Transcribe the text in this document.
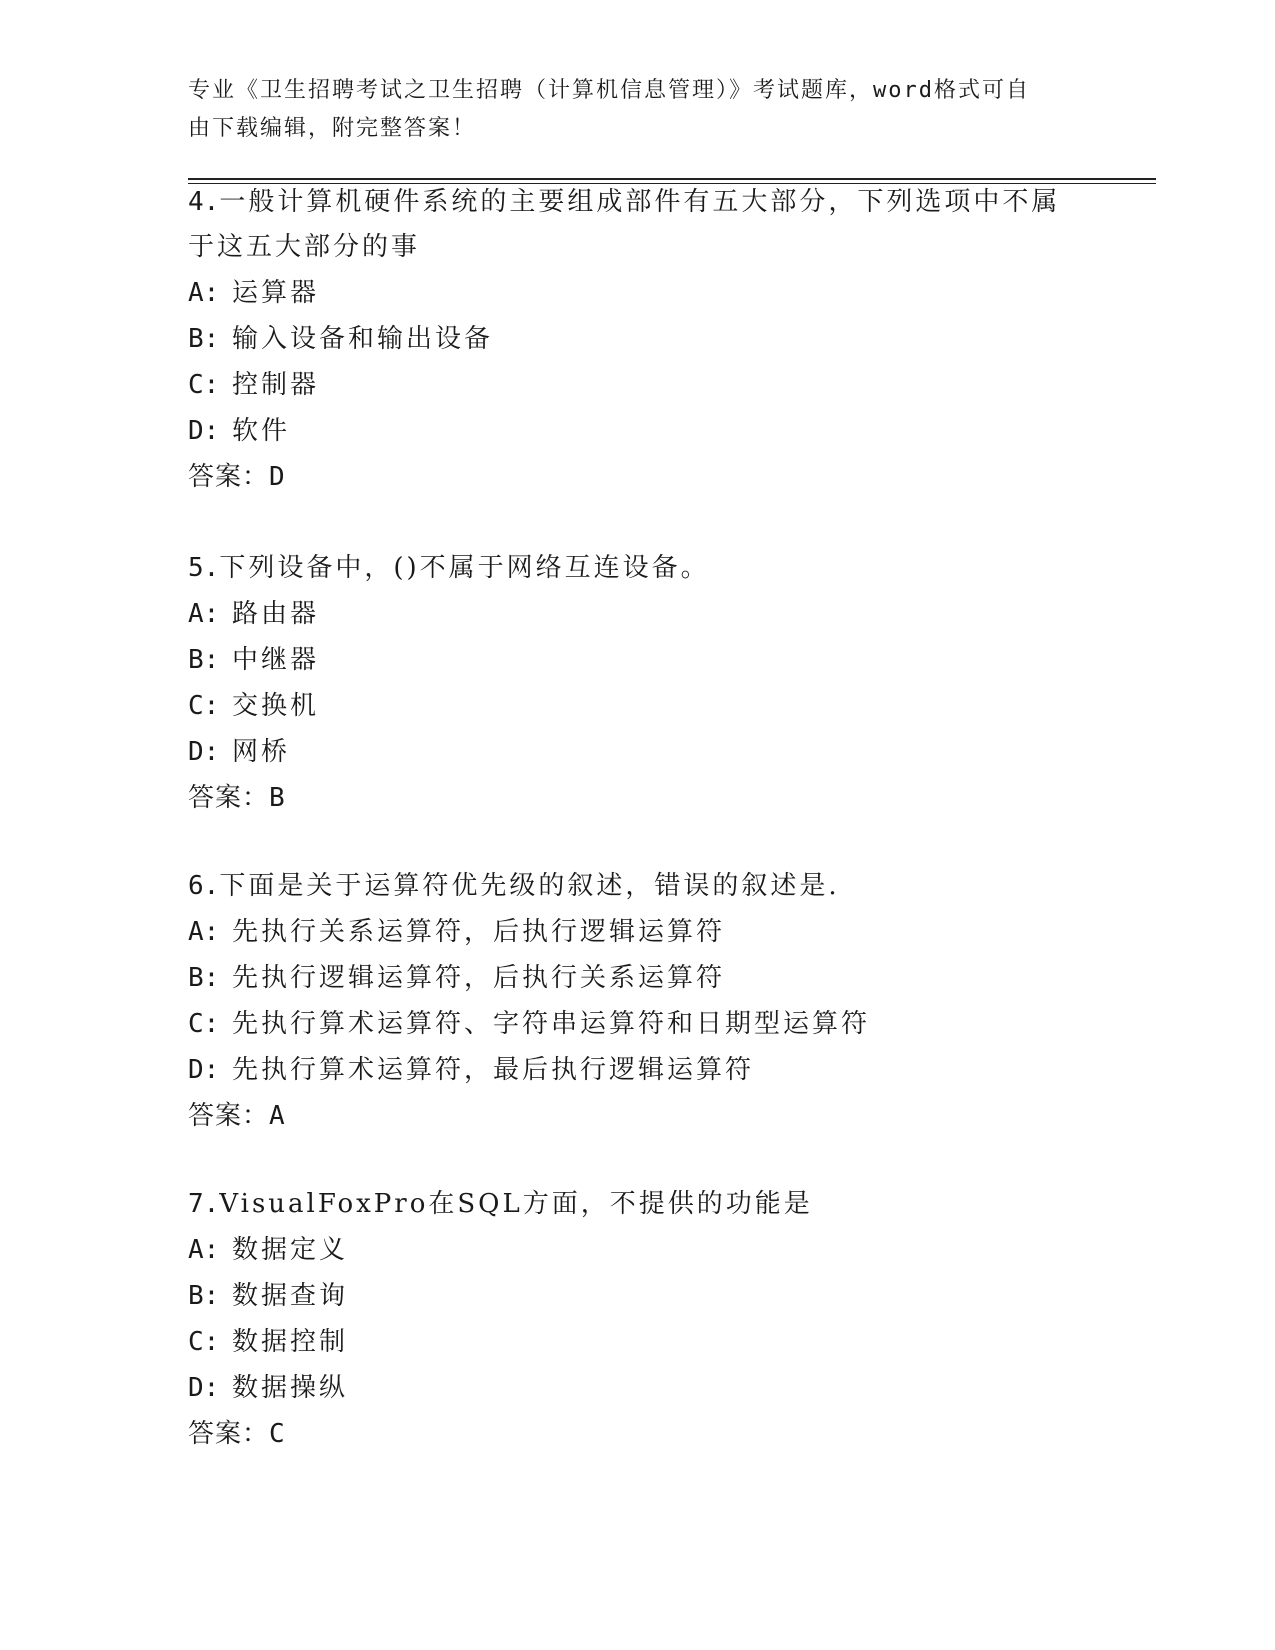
专业《卫生招聘考试之卫生招聘（计算机信息管理）》考试题库，word格式可自
由下载编辑，附完整答案！

4.一般计算机硬件系统的主要组成部件有五大部分，下列选项中不属

于这五大部分的事

A: 运算器
B: 输入设备和输出设备
C: 控制器
D: 软件
答案：D

5.下列设备中，()不属于网络互连设备。

A: 路由器
B: 中继器
C: 交换机
D: 网桥
答案：B

6.下面是关于运算符优先级的叙述，错误的叙述是.

A: 先执行关系运算符，后执行逻辑运算符
B: 先执行逻辑运算符，后执行关系运算符
C: 先执行算术运算符、字符串运算符和日期型运算符
D: 先执行算术运算符，最后执行逻辑运算符
答案：A

7.VisualFoxPro在SQL方面，不提供的功能是

A: 数据定义
B: 数据查询
C: 数据控制
D: 数据操纵
答案：C
